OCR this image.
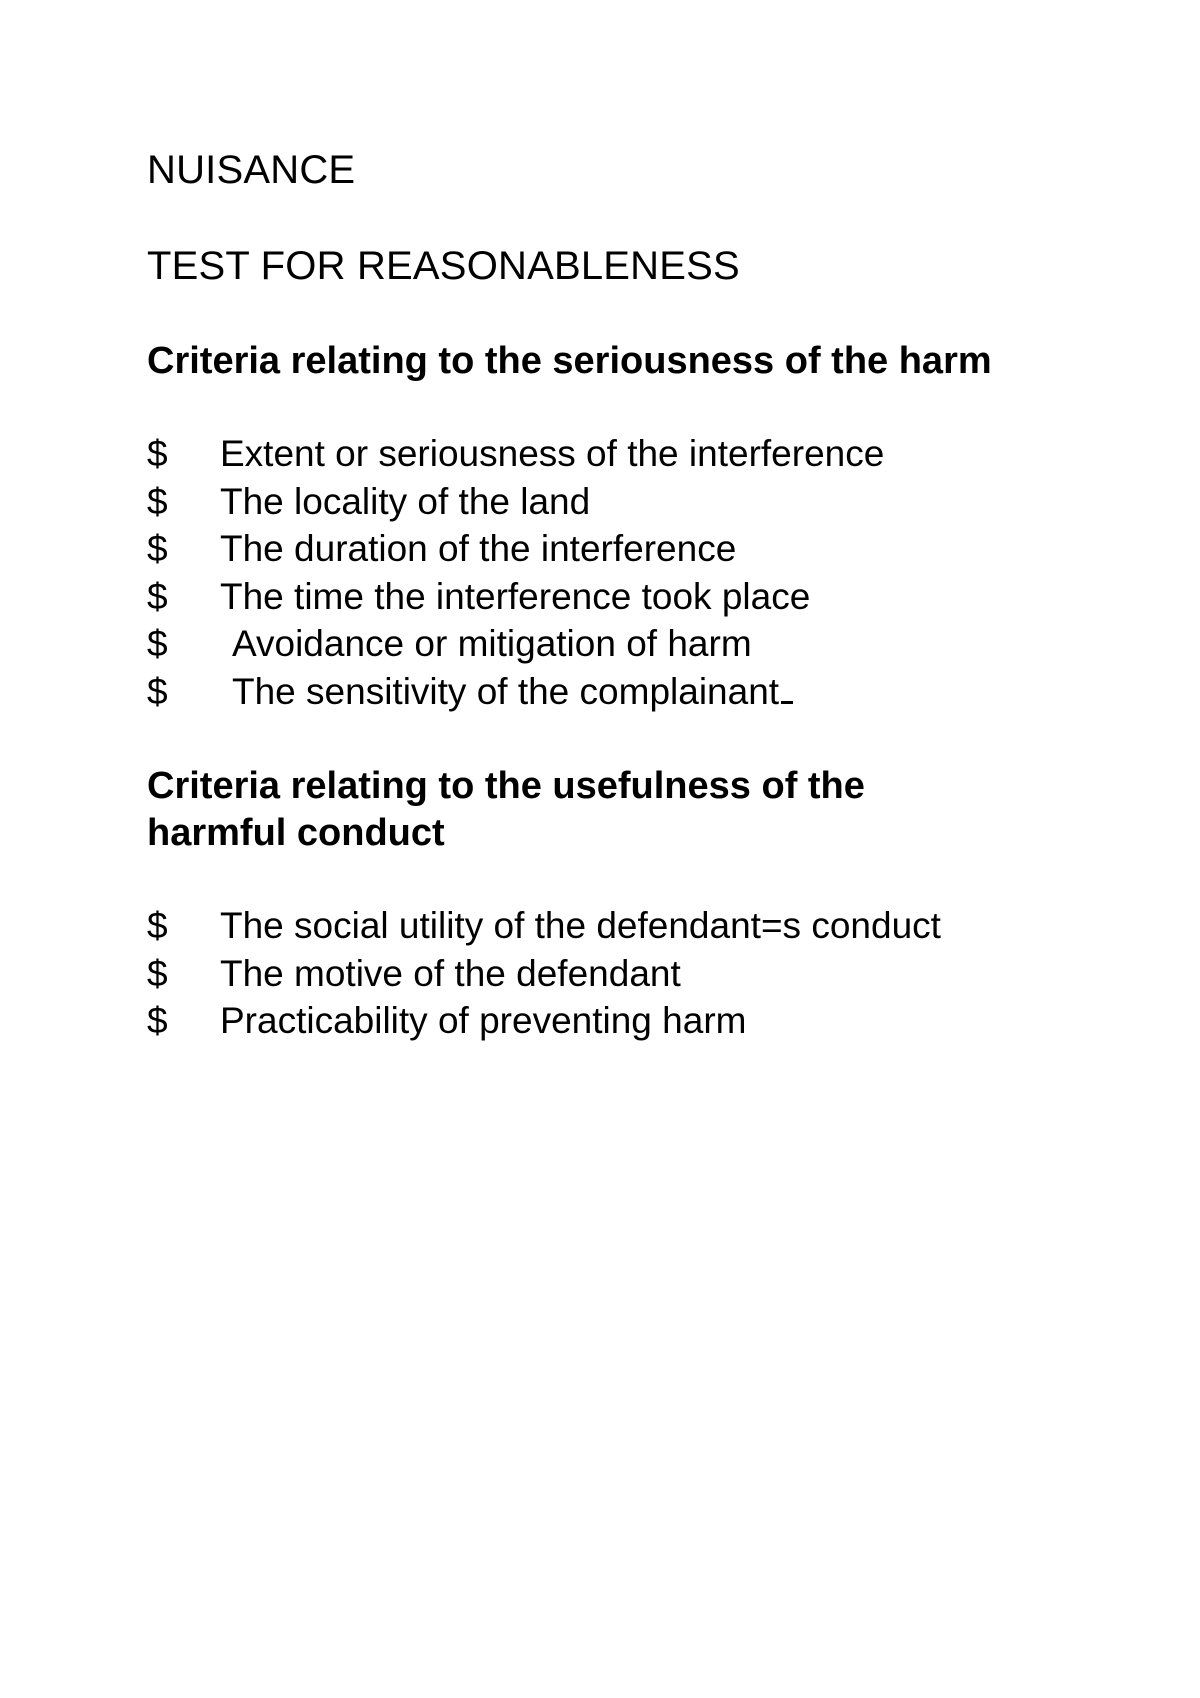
NUISANCE
TEST FOR REASONABLENESS
Criteria relating to the seriousness of the harm
$	Extent or seriousness of the interference
$	The locality of the land
$	The duration of the interference
$	The time the interference took place
$	Avoidance or mitigation of harm
$	The sensitivity of the complainant
Criteria relating to the usefulness of the
harmful conduct
$	The social utility of the defendant=s conduct
$	The motive of the defendant
$	Practicability of preventing harm
